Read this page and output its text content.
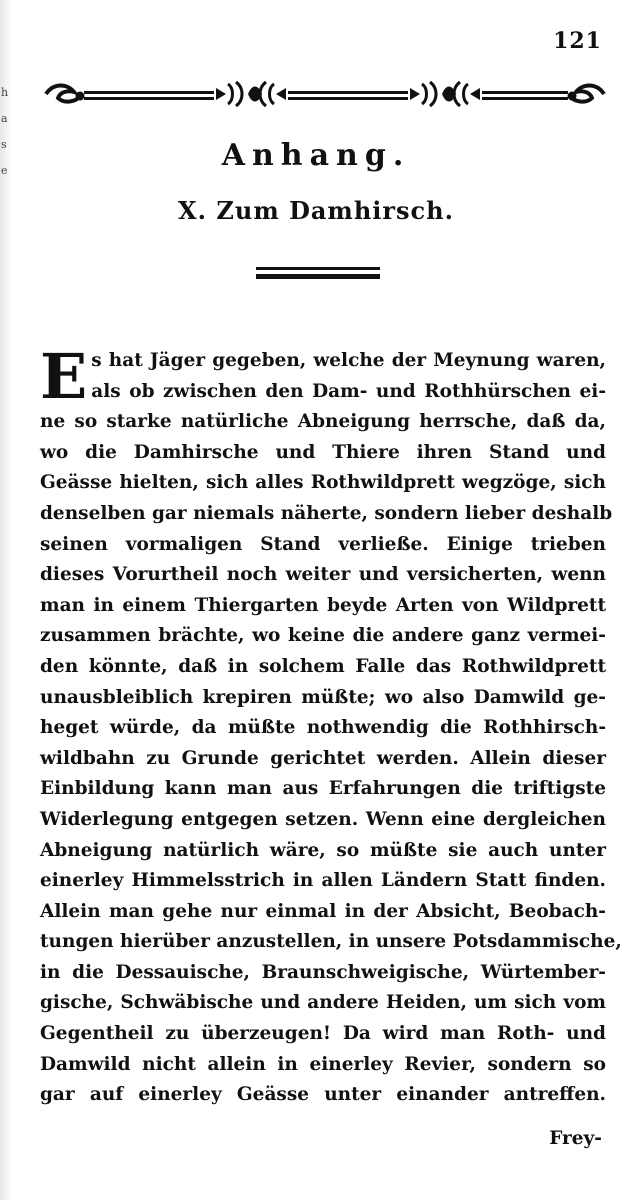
h
a
s
e
121
Anhang.
X. Zum Damhirsch.
Es hat Jäger gegeben, welche der Meynung waren,
als ob zwischen den Dam- und Rothhürschen ei-
ne so starke natürliche Abneigung herrsche, daß da,
wo die Damhirsche und Thiere ihren Stand und
Geässe hielten, sich alles Rothwildprett wegzöge, sich
denselben gar niemals näherte, sondern lieber deshalb
seinen vormaligen Stand verließe. Einige trieben
dieses Vorurtheil noch weiter und versicherten, wenn
man in einem Thiergarten beyde Arten von Wildprett
zusammen brächte, wo keine die andere ganz vermei-
den könnte, daß in solchem Falle das Rothwildprett
unausbleiblich krepiren müßte; wo also Damwild ge-
heget würde, da müßte nothwendig die Rothhirsch-
wildbahn zu Grunde gerichtet werden. Allein dieser
Einbildung kann man aus Erfahrungen die triftigste
Widerlegung entgegen setzen. Wenn eine dergleichen
Abneigung natürlich wäre, so müßte sie auch unter
einerley Himmelsstrich in allen Ländern Statt finden.
Allein man gehe nur einmal in der Absicht, Beobach-
tungen hierüber anzustellen, in unsere Potsdammische,
in die Dessauische, Braunschweigische, Würtember-
gische, Schwäbische und andere Heiden, um sich vom
Gegentheil zu überzeugen! Da wird man Roth- und
Damwild nicht allein in einerley Revier, sondern so
gar auf einerley Geässe unter einander antreffen.
Frey-
